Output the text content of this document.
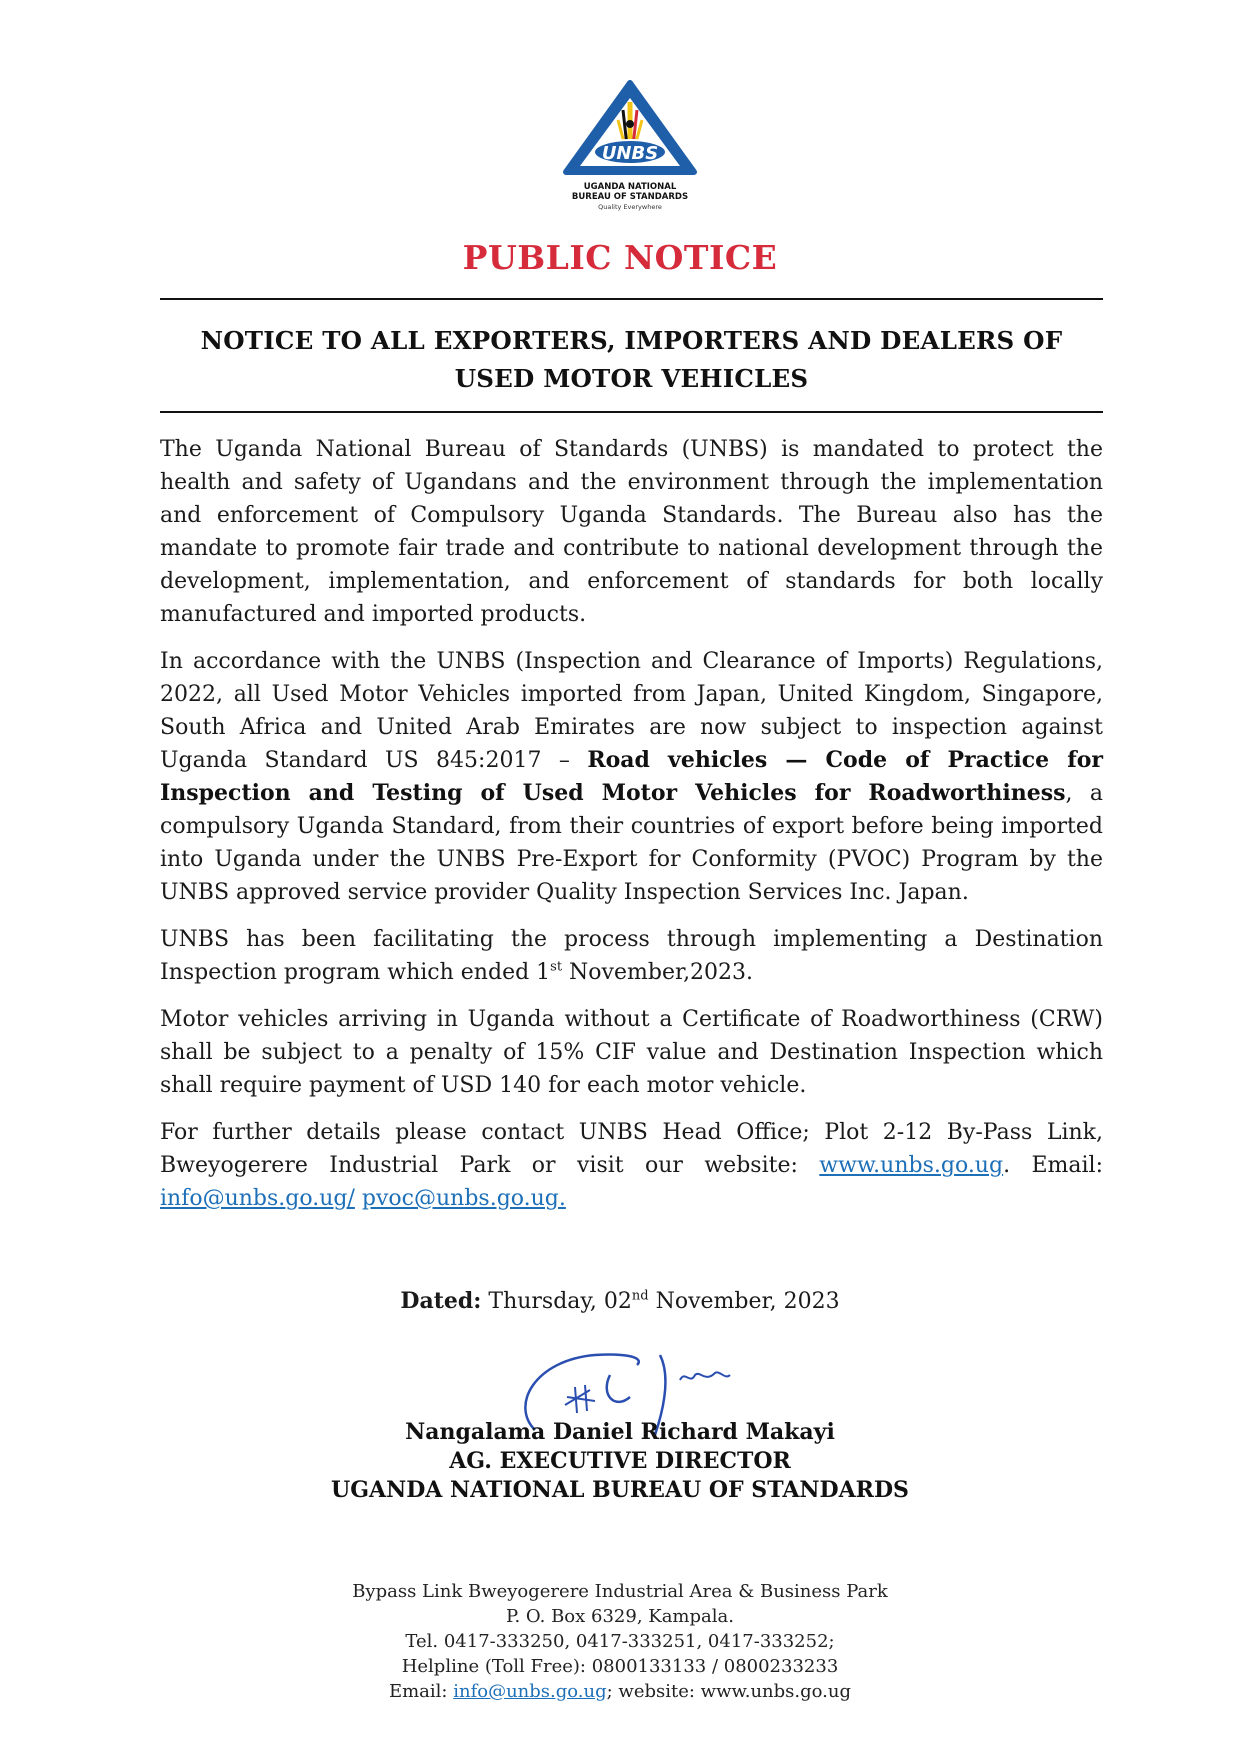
UNBS
UGANDA NATIONAL
BUREAU OF STANDARDS
Quality Everywhere
PUBLIC NOTICE
NOTICE TO ALL EXPORTERS, IMPORTERS AND DEALERS OF
USED MOTOR VEHICLES

The Uganda National Bureau of Standards (UNBS) is mandated to protect the health and safety of Ugandans and the environment through the implementation and enforcement of Compulsory Uganda Standards. The Bureau also has the mandate to promote fair trade and contribute to national development through the development, implementation, and enforcement of standards for both locally manufactured and imported products.

In accordance with the UNBS (Inspection and Clearance of Imports) Regulations, 2022, all Used Motor Vehicles imported from Japan, United Kingdom, Singapore, South Africa and United Arab Emirates are now subject to inspection against Uganda Standard US 845:2017 – Road vehicles — Code of Practice for Inspection and Testing of Used Motor Vehicles for Roadworthiness, a compulsory Uganda Standard, from their countries of export before being imported into Uganda under the UNBS Pre-Export for Conformity (PVOC) Program by the UNBS approved service provider Quality Inspection Services Inc. Japan.

UNBS has been facilitating the process through implementing a Destination Inspection program which ended 1st November,2023.

Motor vehicles arriving in Uganda without a Certificate of Roadworthiness (CRW) shall be subject to a penalty of 15% CIF value and Destination Inspection which shall require payment of USD 140 for each motor vehicle.

For further details please contact UNBS Head Office; Plot 2-12 By-Pass Link, Bweyogerere Industrial Park or visit our website: www.unbs.go.ug. Email: info@unbs.go.ug/ pvoc@unbs.go.ug.

Dated: Thursday, 02nd November, 2023
Nangalama Daniel Richard Makayi
AG. EXECUTIVE DIRECTOR
UGANDA NATIONAL BUREAU OF STANDARDS
Bypass Link Bweyogerere Industrial Area & Business Park
P. O. Box 6329, Kampala.
Tel. 0417-333250, 0417-333251, 0417-333252;
Helpline (Toll Free): 0800133133 / 0800233233
Email: info@unbs.go.ug; website: www.unbs.go.ug
